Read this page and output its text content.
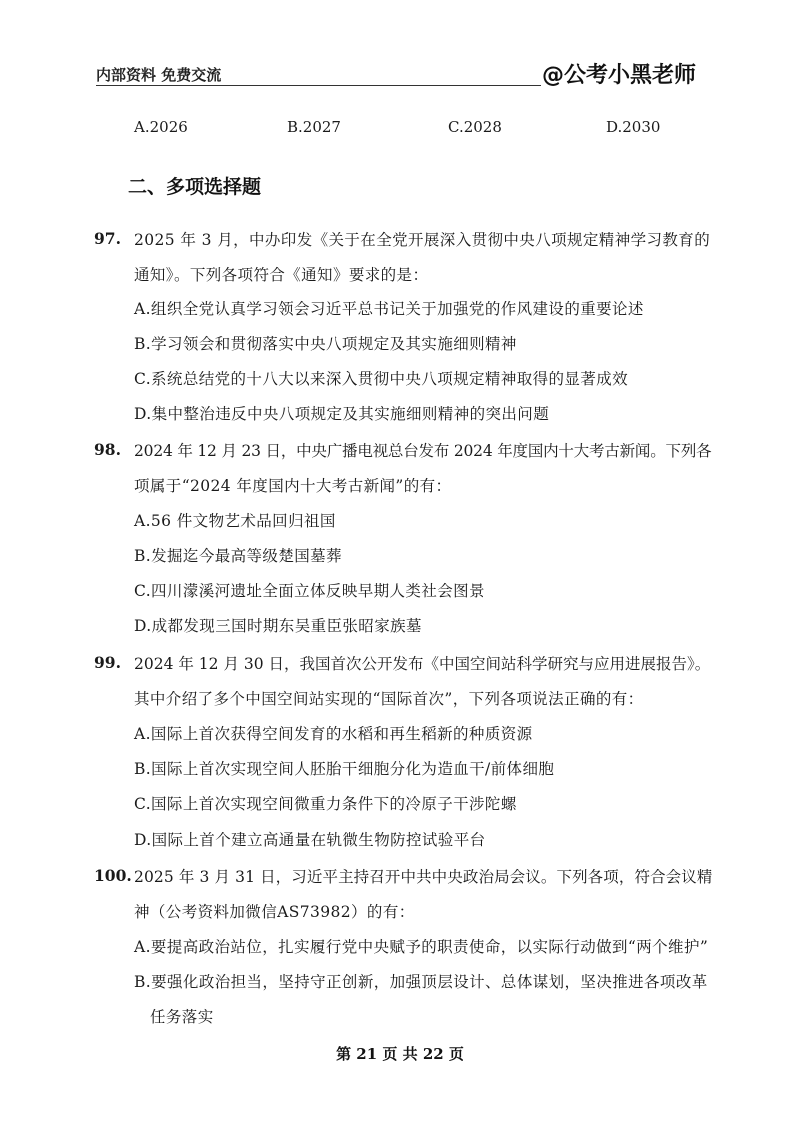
内部资料 免费交流	@公考小黑老师
A.2026	B.2027	C.2028	D.2030
二、多项选择题
97. 2025 年 3 月，中办印发《关于在全党开展深入贯彻中央八项规定精神学习教育的
通知》。下列各项符合《通知》要求的是：
A.组织全党认真学习领会习近平总书记关于加强党的作风建设的重要论述
B.学习领会和贯彻落实中央八项规定及其实施细则精神
C.系统总结党的十八大以来深入贯彻中央八项规定精神取得的显著成效
D.集中整治违反中央八项规定及其实施细则精神的突出问题
98. 2024 年 12 月 23 日，中央广播电视总台发布 2024 年度国内十大考古新闻。下列各
项属于“2024 年度国内十大考古新闻”的有：
A.56 件文物艺术品回归祖国
B.发掘迄今最高等级楚国墓葬
C.四川濛溪河遗址全面立体反映早期人类社会图景
D.成都发现三国时期东吴重臣张昭家族墓
99. 2024 年 12 月 30 日，我国首次公开发布《中国空间站科学研究与应用进展报告》。
其中介绍了多个中国空间站实现的“国际首次”，下列各项说法正确的有：
A.国际上首次获得空间发育的水稻和再生稻新的种质资源
B.国际上首次实现空间人胚胎干细胞分化为造血干/前体细胞
C.国际上首次实现空间微重力条件下的冷原子干涉陀螺
D.国际上首个建立高通量在轨微生物防控试验平台
100. 2025 年 3 月 31 日，习近平主持召开中共中央政治局会议。下列各项，符合会议精
神（公考资料加微信AS73982）的有：
A.要提高政治站位，扎实履行党中央赋予的职责使命，以实际行动做到“两个维护”
B.要强化政治担当，坚持守正创新，加强顶层设计、总体谋划，坚决推进各项改革
任务落实
第 21 页 共 22 页
